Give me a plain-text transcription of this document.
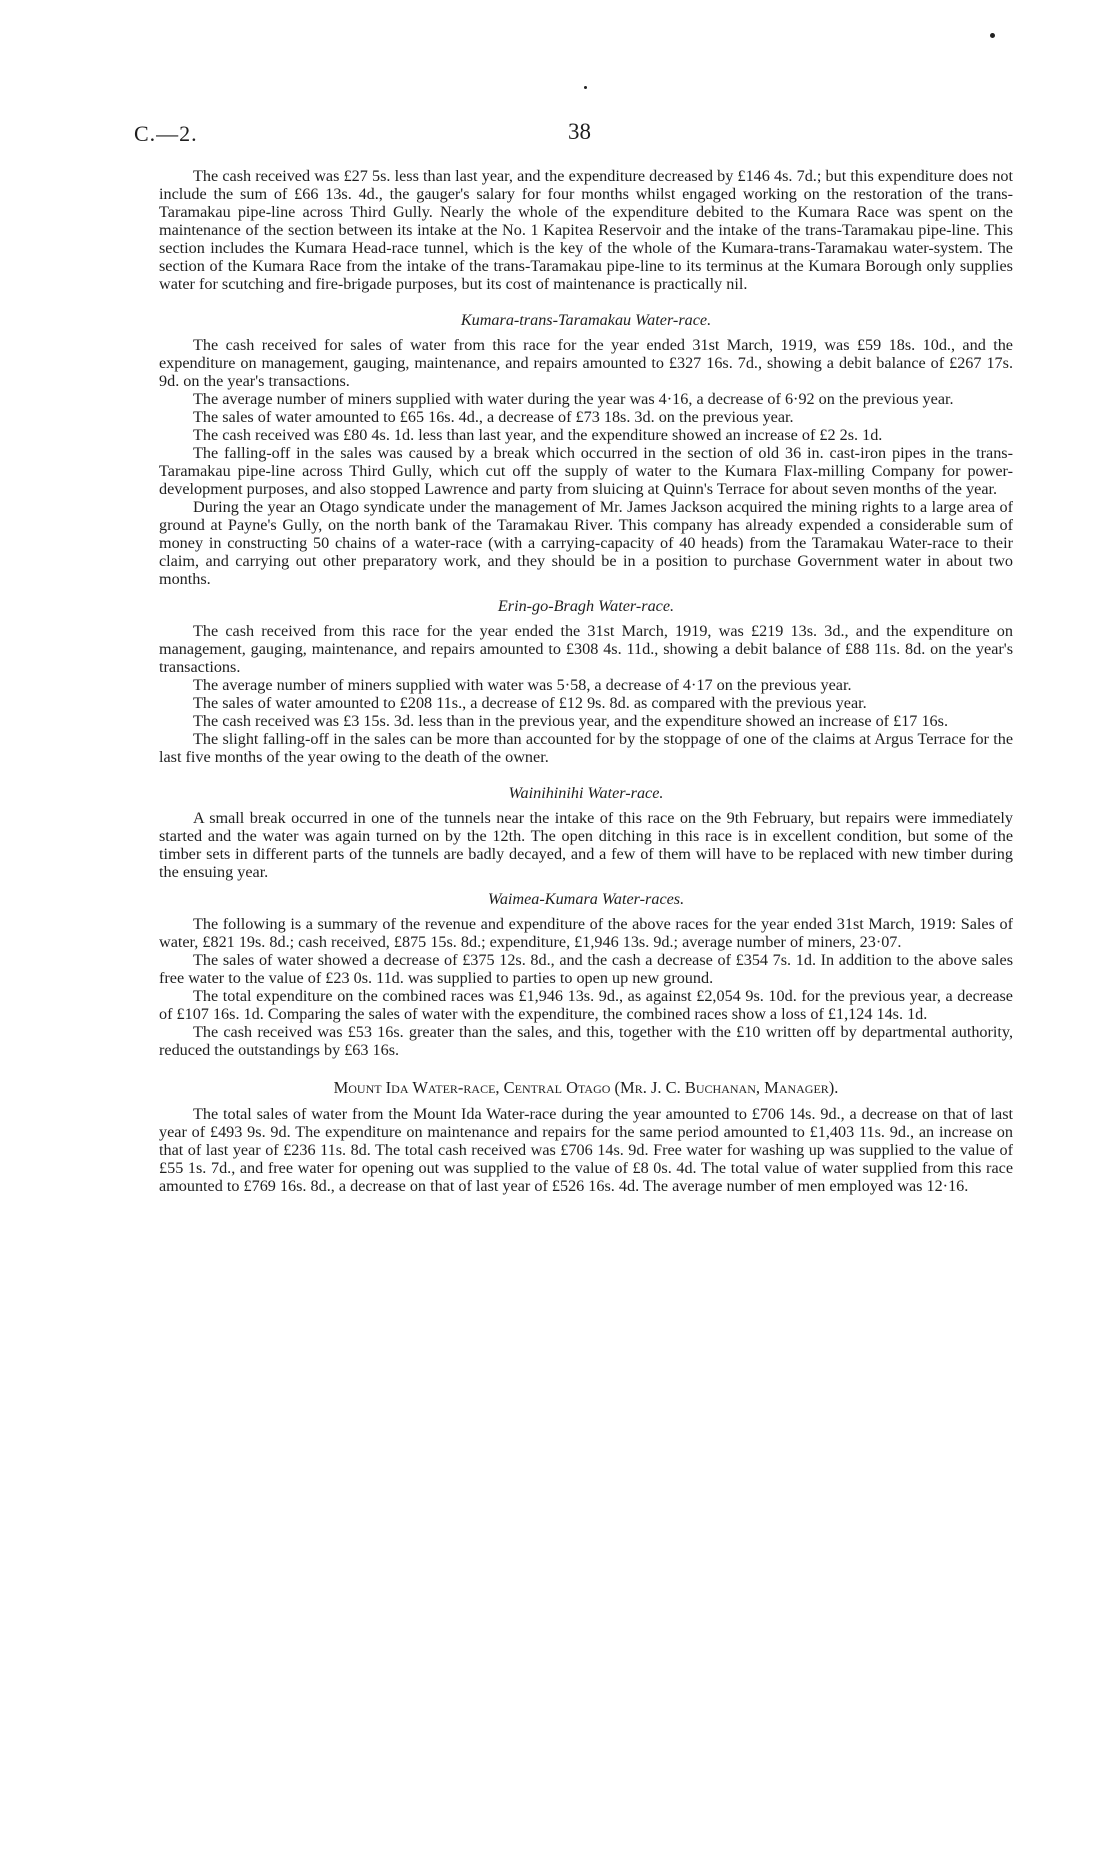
C.—2.	38

The cash received was £27 5s. less than last year, and the expenditure decreased by £146 4s. 7d.; but this expenditure does not include the sum of £66 13s. 4d., the gauger's salary for four months whilst engaged working on the restoration of the trans-Taramakau pipe-line across Third Gully. Nearly the whole of the expenditure debited to the Kumara Race was spent on the maintenance of the section between its intake at the No. 1 Kapitea Reservoir and the intake of the trans-Taramakau pipe-line. This section includes the Kumara Head-race tunnel, which is the key of the whole of the Kumara-trans-Taramakau water-system. The section of the Kumara Race from the intake of the trans-Taramakau pipe-line to its terminus at the Kumara Borough only supplies water for scutching and fire-brigade purposes, but its cost of maintenance is practically nil.

Kumara-trans-Taramakau Water-race.

The cash received for sales of water from this race for the year ended 31st March, 1919, was £59 18s. 10d., and the expenditure on management, gauging, maintenance, and repairs amounted to £327 16s. 7d., showing a debit balance of £267 17s. 9d. on the year's transactions.

The average number of miners supplied with water during the year was 4·16, a decrease of 6·92 on the previous year.

The sales of water amounted to £65 16s. 4d., a decrease of £73 18s. 3d. on the previous year.

The cash received was £80 4s. 1d. less than last year, and the expenditure showed an increase of £2 2s. 1d.

The falling-off in the sales was caused by a break which occurred in the section of old 36 in. cast-iron pipes in the trans-Taramakau pipe-line across Third Gully, which cut off the supply of water to the Kumara Flax-milling Company for power-development purposes, and also stopped Lawrence and party from sluicing at Quinn's Terrace for about seven months of the year.

During the year an Otago syndicate under the management of Mr. James Jackson acquired the mining rights to a large area of ground at Payne's Gully, on the north bank of the Taramakau River. This company has already expended a considerable sum of money in constructing 50 chains of a water-race (with a carrying-capacity of 40 heads) from the Taramakau Water-race to their claim, and carrying out other preparatory work, and they should be in a position to purchase Government water in about two months.

Erin-go-Bragh Water-race.

The cash received from this race for the year ended the 31st March, 1919, was £219 13s. 3d., and the expenditure on management, gauging, maintenance, and repairs amounted to £308 4s. 11d., showing a debit balance of £88 11s. 8d. on the year's transactions.

The average number of miners supplied with water was 5·58, a decrease of 4·17 on the previous year.

The sales of water amounted to £208 11s., a decrease of £12 9s. 8d. as compared with the previous year.

The cash received was £3 15s. 3d. less than in the previous year, and the expenditure showed an increase of £17 16s.

The slight falling-off in the sales can be more than accounted for by the stoppage of one of the claims at Argus Terrace for the last five months of the year owing to the death of the owner.

Wainihinihi Water-race.

A small break occurred in one of the tunnels near the intake of this race on the 9th February, but repairs were immediately started and the water was again turned on by the 12th. The open ditching in this race is in excellent condition, but some of the timber sets in different parts of the tunnels are badly decayed, and a few of them will have to be replaced with new timber during the ensuing year.

Waimea-Kumara Water-races.

The following is a summary of the revenue and expenditure of the above races for the year ended 31st March, 1919: Sales of water, £821 19s. 8d.; cash received, £875 15s. 8d.; expenditure, £1,946 13s. 9d.; average number of miners, 23·07.

The sales of water showed a decrease of £375 12s. 8d., and the cash a decrease of £354 7s. 1d. In addition to the above sales free water to the value of £23 0s. 11d. was supplied to parties to open up new ground.

The total expenditure on the combined races was £1,946 13s. 9d., as against £2,054 9s. 10d. for the previous year, a decrease of £107 16s. 1d. Comparing the sales of water with the expenditure, the combined races show a loss of £1,124 14s. 1d.

The cash received was £53 16s. greater than the sales, and this, together with the £10 written off by departmental authority, reduced the outstandings by £63 16s.

Mount Ida Water-race, Central Otago (Mr. J. C. Buchanan, Manager).

The total sales of water from the Mount Ida Water-race during the year amounted to £706 14s. 9d., a decrease on that of last year of £493 9s. 9d. The expenditure on maintenance and repairs for the same period amounted to £1,403 11s. 9d., an increase on that of last year of £236 11s. 8d. The total cash received was £706 14s. 9d. Free water for washing up was supplied to the value of £55 1s. 7d., and free water for opening out was supplied to the value of £8 0s. 4d. The total value of water supplied from this race amounted to £769 16s. 8d., a decrease on that of last year of £526 16s. 4d. The average number of men employed was 12·16.
